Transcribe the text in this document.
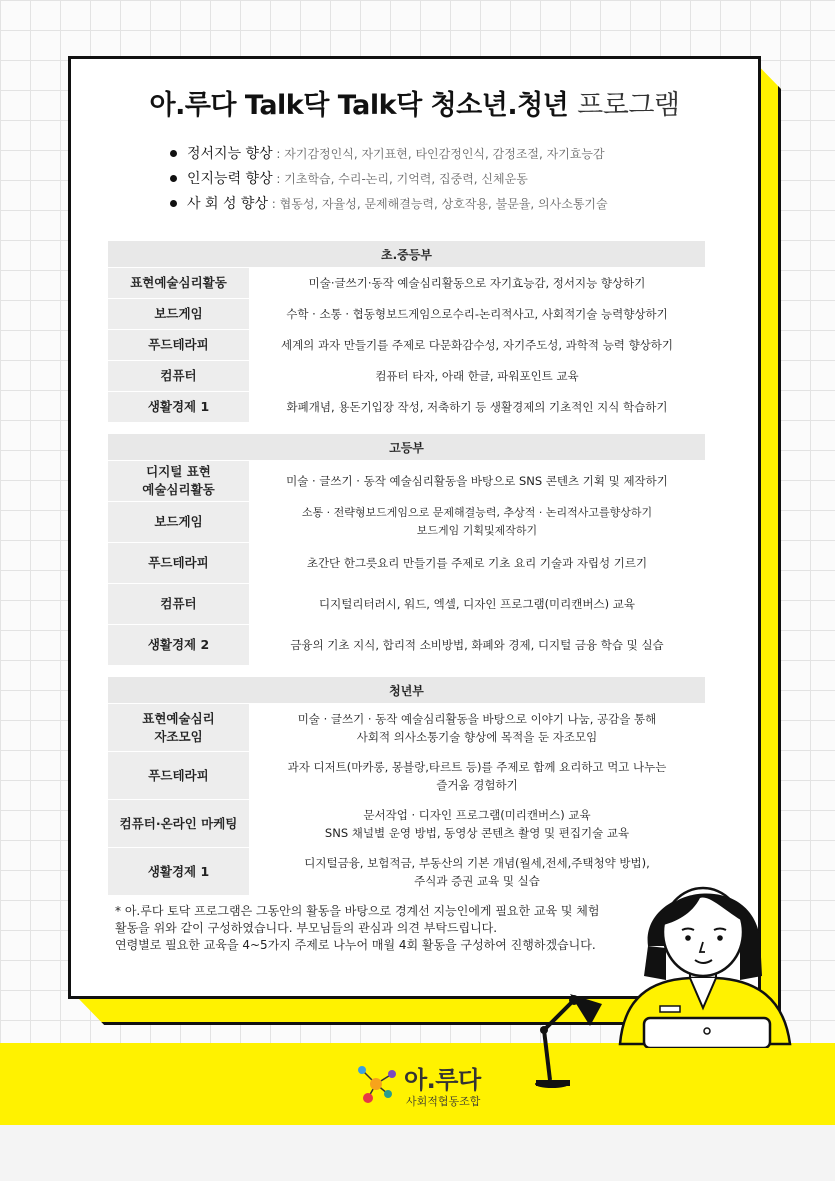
아.루다 Talk닥 Talk닥 청소년.청년 프로그램
정서지능 향상 : 자기감정인식, 자기표현, 타인감정인식, 감정조절, 자기효능감
인지능력 향상 : 기초학습, 수리-논리, 기억력, 집중력, 신체운동
사 회 성 향상 : 협동성, 자율성, 문제해결능력, 상호작용, 불문율, 의사소통기술
초.중등부	
표현예술심리활동	미술·글쓰기·동작 예술심리활동으로 자기효능감, 정서지능 향상하기
보드게임	수학 · 소통 · 협동형보드게임으로수리-논리적사고, 사회적기술 능력향상하기
푸드테라피	세계의 과자 만들기를 주제로 다문화감수성, 자기주도성, 과학적 능력 향상하기
컴퓨터	컴퓨터 타자, 아래 한글, 파워포인트 교육
생활경제 1	화폐개념, 용돈기입장 작성, 저축하기 등 생활경제의 기초적인 지식 학습하기

고등부	
디지털 표현
예술심리활동	미술 · 글쓰기 · 동작 예술심리활동을 바탕으로 SNS 콘텐츠 기획 및 제작하기
보드게임	소통 · 전략형보드게임으로 문제해결능력, 추상적 · 논리적사고를향상하기
보드게임 기획및제작하기
푸드테라피	초간단 한그릇요리 만들기를 주제로 기초 요리 기술과 자립성 기르기
컴퓨터	디지털리터러시, 워드, 엑셀, 디자인 프로그램(미리캔버스) 교육
생활경제 2	금융의 기초 지식, 합리적 소비방법, 화폐와 경제, 디지털 금융 학습 및 실습

청년부	
표현예술심리
자조모임	미술 · 글쓰기 · 동작 예술심리활동을 바탕으로 이야기 나눔, 공감을 통해
사회적 의사소통기술 향상에 목적을 둔 자조모임
푸드테라피	과자 디저트(마카롱, 몽블랑,타르트 등)를 주제로 함께 요리하고 먹고 나누는
즐거움 경험하기
컴퓨터·온라인 마케팅	문서작업 · 디자인 프로그램(미리캔버스) 교육
SNS 채널별 운영 방법, 동영상 콘텐츠 촬영 및 편집기술 교육
생활경제 1	디지털금융, 보험적금, 부동산의 기본 개념(월세,전세,주택청약 방법),
주식과 증권 교육 및 실습
* 아.루다 토닥 프로그램은 그동안의 활동을 바탕으로 경계선 지능인에게 필요한 교육 및 체험
활동을 위와 같이 구성하였습니다. 부모님들의 관심과 의견 부탁드립니다.
연령별로 필요한 교육을 4~5가지 주제로 나누어 매월 4회 활동을 구성하여 진행하겠습니다.
아.루다
사회적협동조합
